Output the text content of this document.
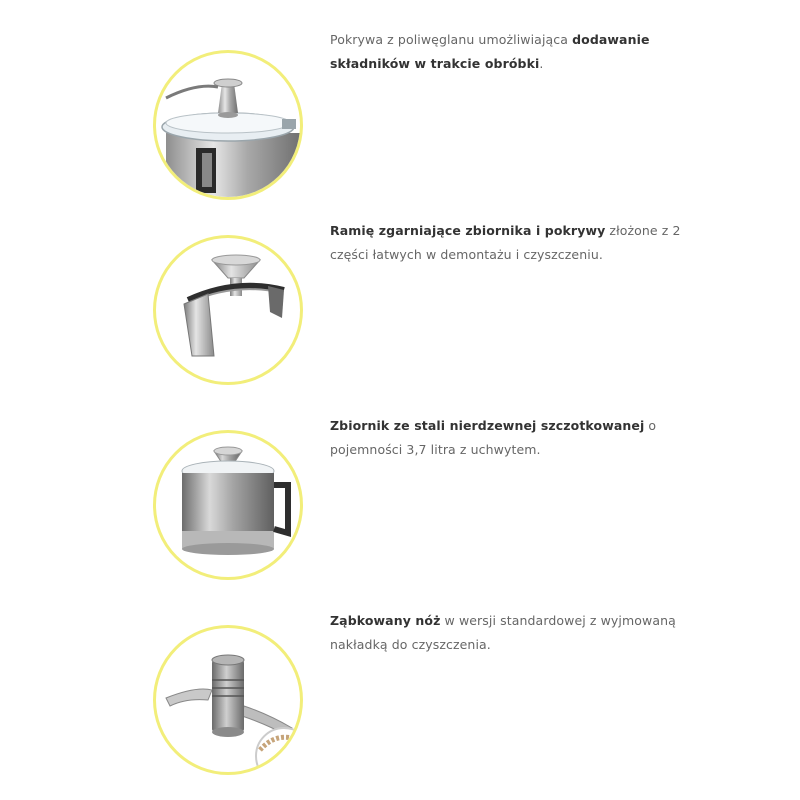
Pokrywa z poliwęglanu umożliwiająca dodawanie składników w trakcie obróbki.
Ramię zgarniające zbiornika i pokrywy złożone z 2 części łatwych w demontażu i czyszczeniu.
Zbiornik ze stali nierdzewnej szczotkowanej o pojemności 3,7 litra z uchwytem.
Ząbkowany nóż w wersji standardowej z wyjmowaną nakładką do czyszczenia.
